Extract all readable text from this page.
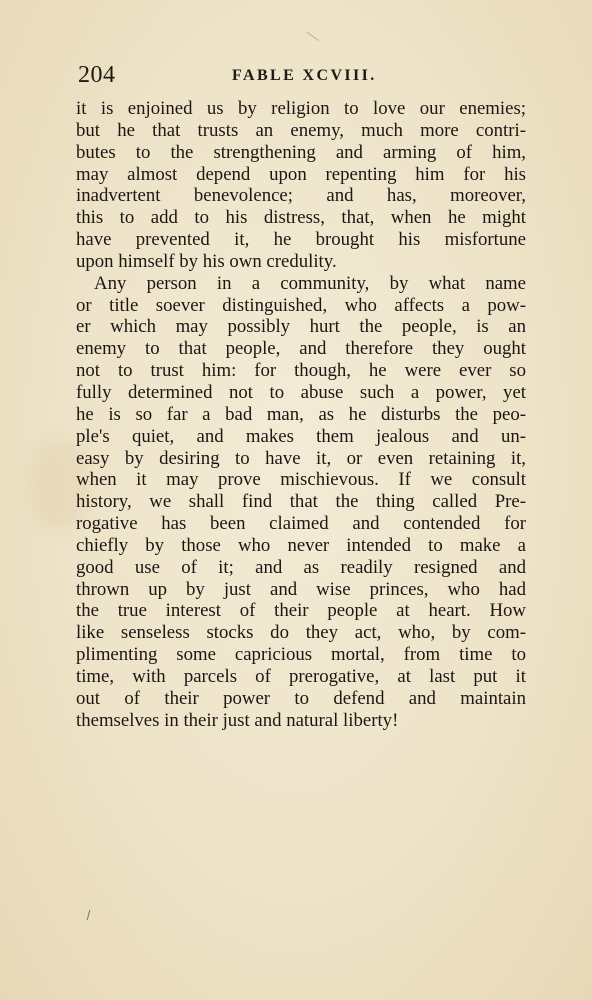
204	FABLE XCVIII.
it is enjoined us by religion to love our enemies;
but he that trusts an enemy, much more contri-
butes to the strengthening and arming of him,
may almost depend upon repenting him for his
inadvertent benevolence; and has, moreover,
this to add to his distress, that, when he might
have prevented it, he brought his misfortune
upon himself by his own credulity.
Any person in a community, by what name
or title soever distinguished, who affects a pow-
er which may possibly hurt the people, is an
enemy to that people, and therefore they ought
not to trust him: for though, he were ever so
fully determined not to abuse such a power, yet
he is so far a bad man, as he disturbs the peo-
ple's quiet, and makes them jealous and un-
easy by desiring to have it, or even retaining it,
when it may prove mischievous. If we consult
history, we shall find that the thing called Pre-
rogative has been claimed and contended for
chiefly by those who never intended to make a
good use of it; and as readily resigned and
thrown up by just and wise princes, who had
the true interest of their people at heart. How
like senseless stocks do they act, who, by com-
plimenting some capricious mortal, from time to
time, with parcels of prerogative, at last put it
out of their power to defend and maintain
themselves in their just and natural liberty!
